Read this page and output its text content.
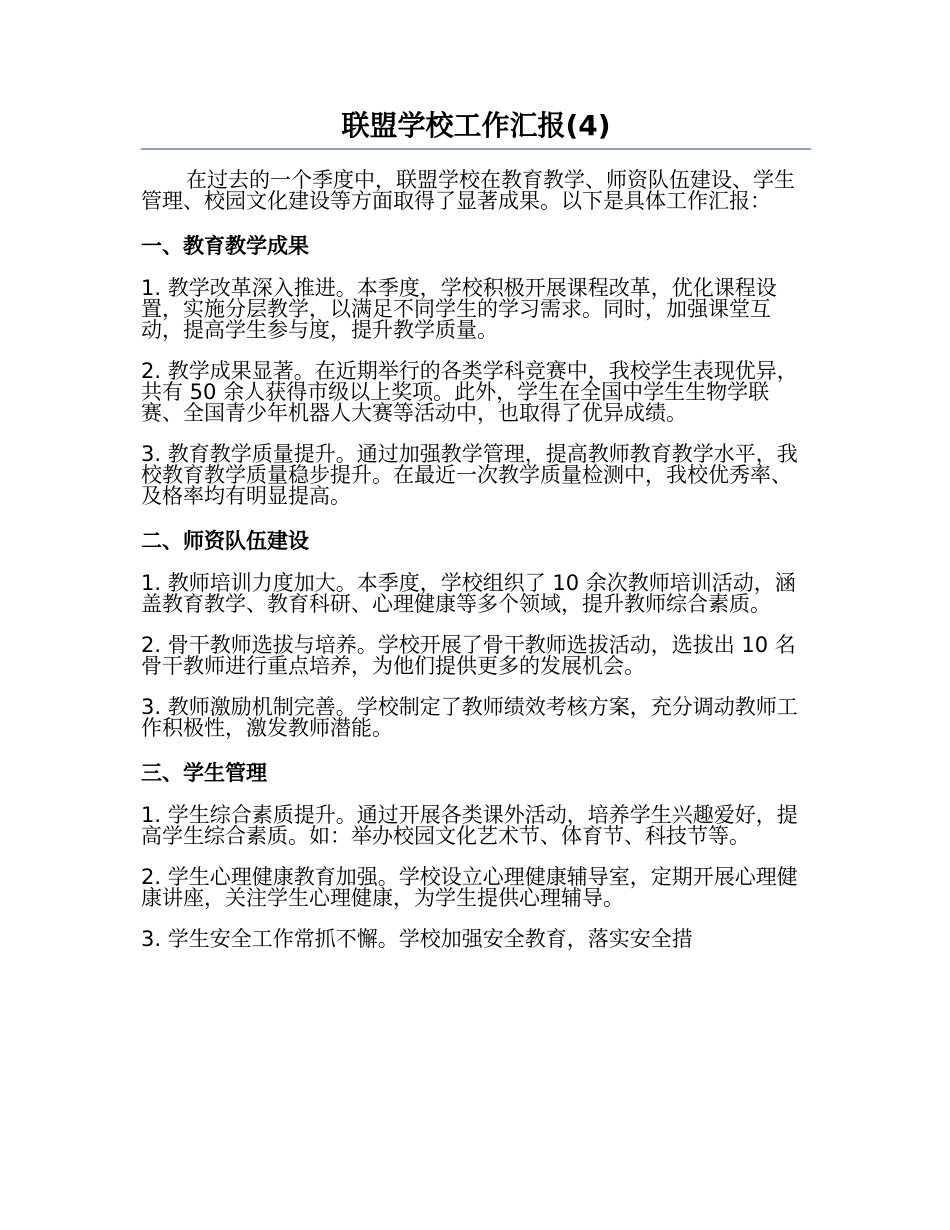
联盟学校工作汇报(4)

在过去的一个季度中，联盟学校在教育教学、师资队伍建设、学生管理、校园文化建设等方面取得了显著成果。以下是具体工作汇报：

一、教育教学成果

1. 教学改革深入推进。本季度，学校积极开展课程改革，优化课程设置，实施分层教学，以满足不同学生的学习需求。同时，加强课堂互动，提高学生参与度，提升教学质量。

2. 教学成果显著。在近期举行的各类学科竞赛中，我校学生表现优异，共有 50 余人获得市级以上奖项。此外，学生在全国中学生生物学联赛、全国青少年机器人大赛等活动中，也取得了优异成绩。

3. 教育教学质量提升。通过加强教学管理，提高教师教育教学水平，我校教育教学质量稳步提升。在最近一次教学质量检测中，我校优秀率、及格率均有明显提高。

二、师资队伍建设

1. 教师培训力度加大。本季度，学校组织了 10 余次教师培训活动，涵盖教育教学、教育科研、心理健康等多个领域，提升教师综合素质。

2. 骨干教师选拔与培养。学校开展了骨干教师选拔活动，选拔出 10 名骨干教师进行重点培养，为他们提供更多的发展机会。

3. 教师激励机制完善。学校制定了教师绩效考核方案，充分调动教师工作积极性，激发教师潜能。

三、学生管理

1. 学生综合素质提升。通过开展各类课外活动，培养学生兴趣爱好，提高学生综合素质。如：举办校园文化艺术节、体育节、科技节等。

2. 学生心理健康教育加强。学校设立心理健康辅导室，定期开展心理健康讲座，关注学生心理健康，为学生提供心理辅导。

3. 学生安全工作常抓不懈。学校加强安全教育，落实安全措
